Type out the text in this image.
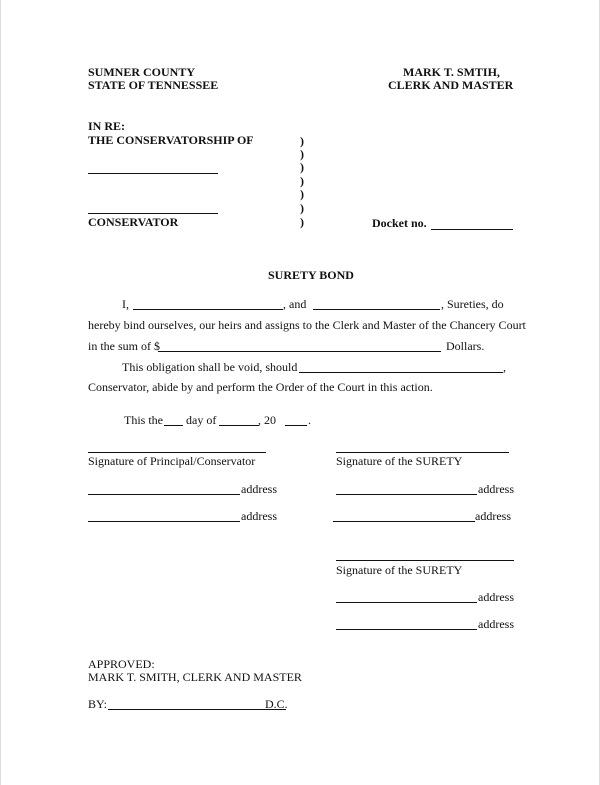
SUMNER COUNTY
STATE OF TENNESSEE
MARK T. SMTIH,
CLERK AND MASTER
IN RE:
THE CONSERVATORSHIP OF
CONSERVATOR
)
)
)
)
)
)
)	Docket no.
SURETY BOND
I,	, and	, Sureties, do
hereby bind ourselves, our heirs and assigns to the Clerk and Master of the Chancery Court
in the sum of $	Dollars.
This obligation shall be void, should	,
Conservator, abide by and perform the Order of the Court in this action.
This the day of	, 20	.
Signature of Principal/Conservator
address
address
Signature of the SURETY
address
address
Signature of the SURETY
address
address
APPROVED:
MARK T. SMITH, CLERK AND MASTER
BY:	D.C.
